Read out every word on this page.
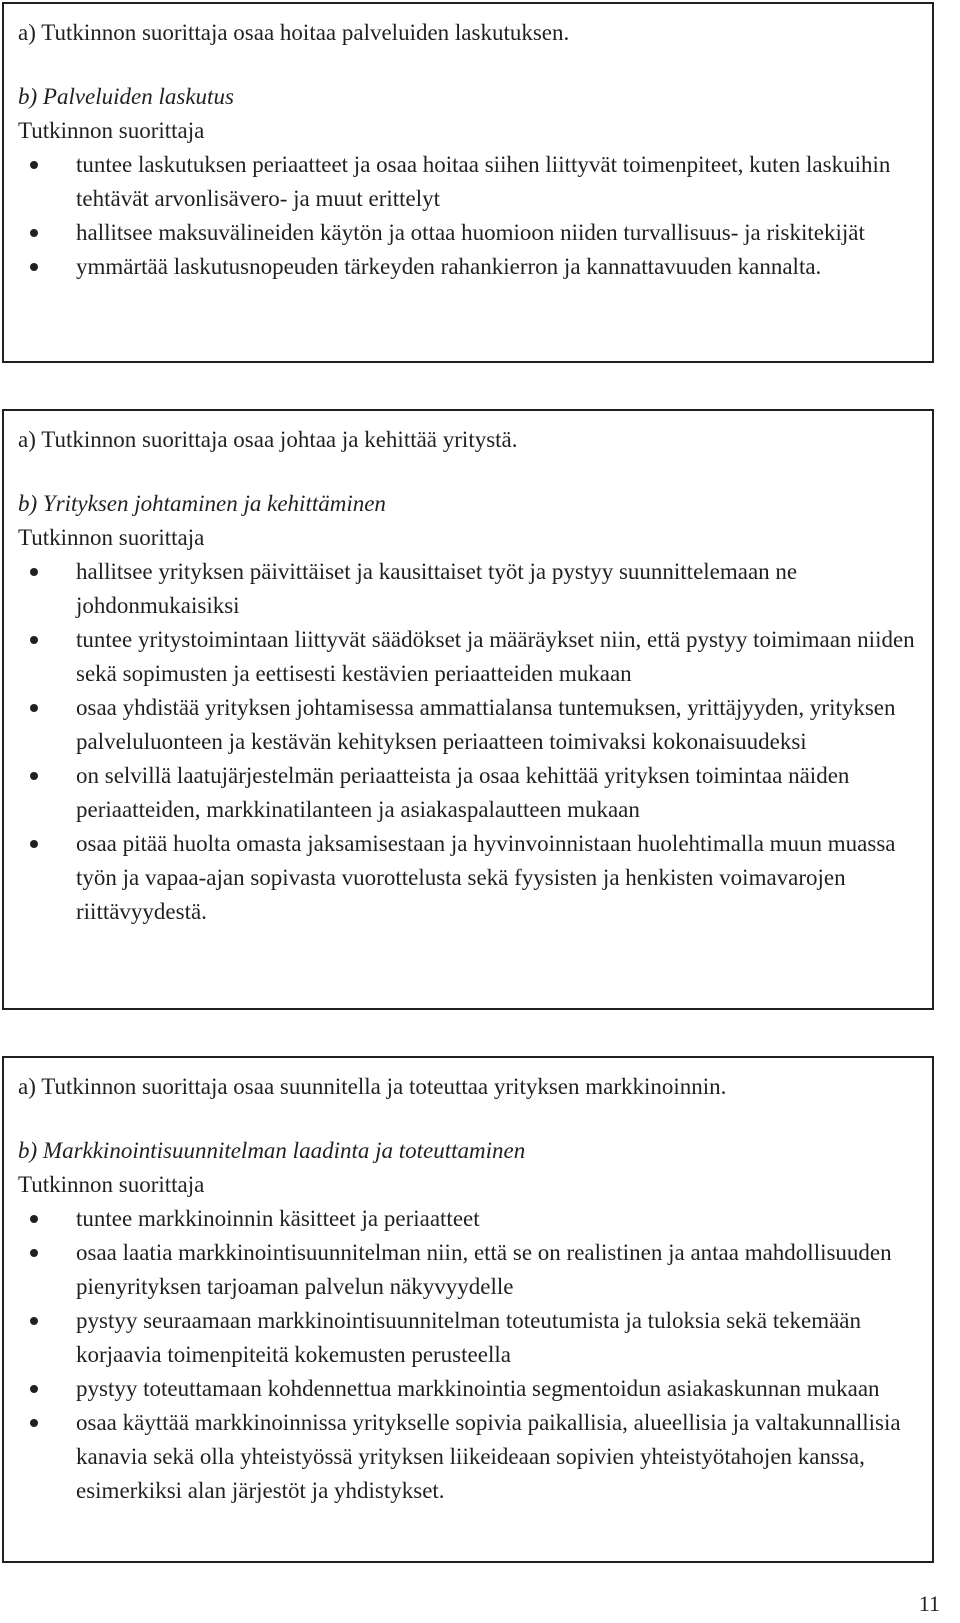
a) Tutkinnon suorittaja osaa hoitaa palveluiden laskutuksen.

b) Palveluiden laskutus

Tutkinnon suorittaja

tuntee laskutuksen periaatteet ja osaa hoitaa siihen liittyvät toimenpiteet, kuten laskuihin tehtävät arvonlisävero- ja muut erittelyt
hallitsee maksuvälineiden käytön ja ottaa huomioon niiden turvallisuus- ja riskitekijät
ymmärtää laskutusnopeuden tärkeyden rahankierron ja kannattavuuden kannalta.

a) Tutkinnon suorittaja osaa johtaa ja kehittää yritystä.

b) Yrityksen johtaminen ja kehittäminen

Tutkinnon suorittaja

hallitsee yrityksen päivittäiset ja kausittaiset työt ja pystyy suunnittelemaan ne johdonmukaisiksi
tuntee yritystoimintaan liittyvät säädökset ja määräykset niin, että pystyy toimimaan niiden sekä sopimusten ja eettisesti kestävien periaatteiden mukaan
osaa yhdistää yrityksen johtamisessa ammattialansa tuntemuksen, yrittäjyyden, yrityksen palveluluonteen ja kestävän kehityksen periaatteen toimivaksi kokonaisuudeksi
on selvillä laatujärjestelmän periaatteista ja osaa kehittää yrityksen toimintaa näiden periaatteiden, markkinatilanteen ja asiakaspalautteen mukaan
osaa pitää huolta omasta jaksamisestaan ja hyvinvoinnistaan huolehtimalla muun muassa työn ja vapaa-ajan sopivasta vuorottelusta sekä fyysisten ja henkisten voimavarojen riittävyydestä.

a) Tutkinnon suorittaja osaa suunnitella ja toteuttaa yrityksen markkinoinnin.

b) Markkinointisuunnitelman laadinta ja toteuttaminen

Tutkinnon suorittaja

tuntee markkinoinnin käsitteet ja periaatteet
osaa laatia markkinointisuunnitelman niin, että se on realistinen ja antaa mahdollisuuden pienyrityksen tarjoaman palvelun näkyvyydelle
pystyy seuraamaan markkinointisuunnitelman toteutumista ja tuloksia sekä tekemään korjaavia toimenpiteitä kokemusten perusteella
pystyy toteuttamaan kohdennettua markkinointia segmentoidun asiakaskunnan mukaan
osaa käyttää markkinoinnissa yritykselle sopivia paikallisia, alueellisia ja valtakunnallisia kanavia sekä olla yhteistyössä yrityksen liikeideaan sopivien yhteistyötahojen kanssa, esimerkiksi alan järjestöt ja yhdistykset.
11
